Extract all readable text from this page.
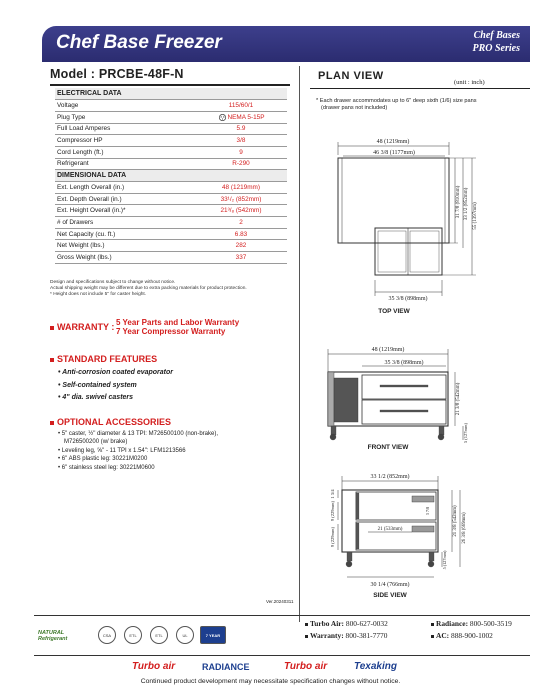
Chef Base Freezer	Chef Bases
PRO Series
Model : PRCBE-48F-N
ELECTRICAL DATA	
Voltage	115/60/1
Plug Type	NEMA 5-15P
Full Load Amperes	5.9
Compressor HP	3/8
Cord Length (ft.)	9
Refrigerant	R-290
DIMENSIONAL DATA	
Ext. Length Overall (in.)	48 (1219mm)
Ext. Depth Overall (in.)	33¹/₂ (852mm)
Ext. Height Overall (in.)*	21³/₈ (542mm)
# of Drawers	2
Net Capacity (cu. ft.)	6.83
Net Weight (lbs.)	282
Gross Weight (lbs.)	337
Design and specifications subject to change without notice.
Actual shipping weight may be different due to extra packing materials for product protection.
* Height does not include 5" for caster height.
WARRANTY : 5 Year Parts and Labor Warranty
7 Year Compressor Warranty
STANDARD FEATURES
• Anti-corrosion coated evaporator
• Self-contained system
• 4" dia. swivel casters
OPTIONAL ACCESSORIES
• 5" caster, ½" diameter & 13 TPI: M726500100 (non-brake),
M726500200 (w/ brake)
• Leveling leg, ⅝" - 11 TPI x 1.54": LFM1213566
• 6" ABS plastic leg: 30221M0200
• 6" stainless steel leg: 30221M0600
PLAN VIEW
(unit : inch)
* Each drawer accommodates up to 6" deep sixth (1/6) size pans
(drawer pans not included)
48 (1219mm)
46 3/8 (1177mm)
35 3/8 (898mm)
31 7/8 (810mm) 33 1/2 (852mm) 55 (1397mm)
48 (1219mm)
35 3/8 (898mm)
21 3/8 (542mm)
5 (127mm)
33 1/2 (852mm)
1 3/4
9 (229mm)
9 (229mm)
3 7/8
21 (533mm)	21 3/8 (542mm) 26 3/8 (669mm)
5 (127mm)
30 1/4 (766mm)
TOP VIEW
FRONT VIEW
SIDE VIEW
Ver.20240311
NATURAL
Refrigerant
CSA	ETL	ETL	UL	7 YEAR
Turbo Air: 800-627-0032
Warranty: 800-381-7770
Radiance: 800-500-3519
AC: 888-900-1002
Turbo air	RADIANCE	Turbo air	Texaking
Continued product development may necessitate specification changes without notice.
